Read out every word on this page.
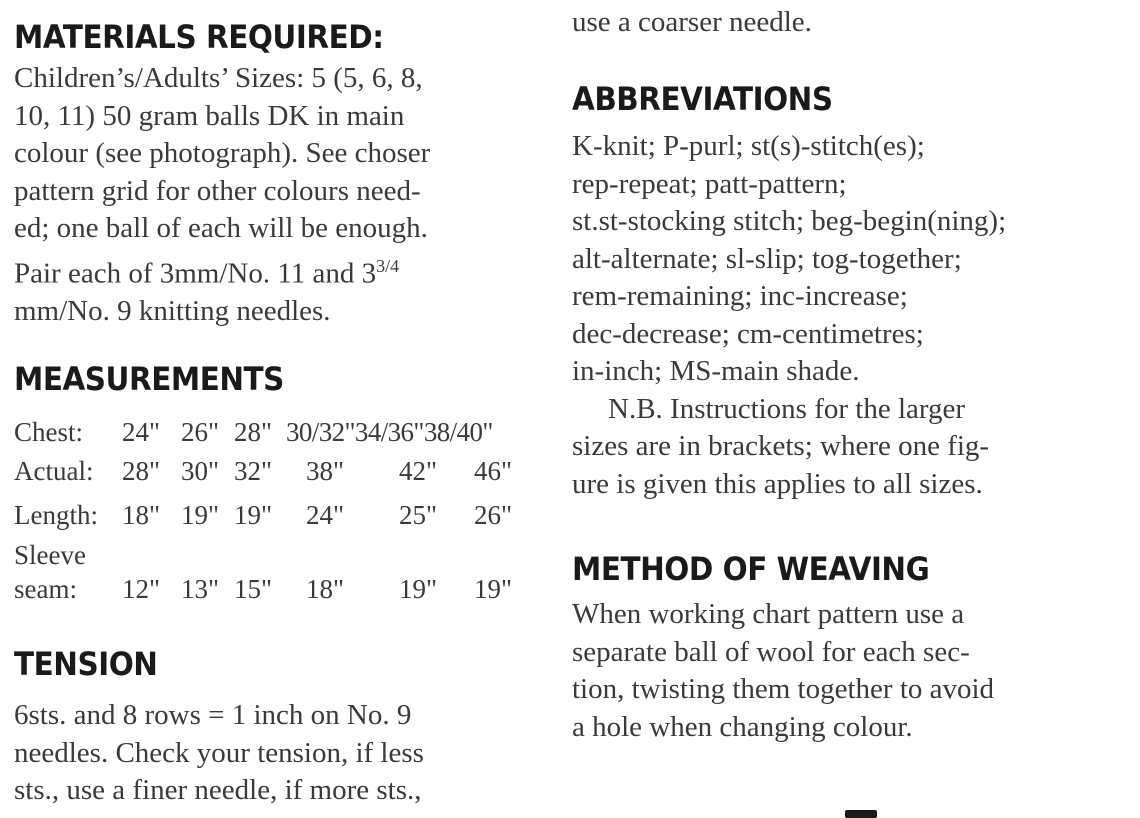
MATERIALS REQUIRED:
Children’s/Adults’ Sizes: 5 (5, 6, 8,
10, 11) 50 gram balls DK in main
colour (see photograph). See choser
pattern grid for other colours need-
ed; one ball of each will be enough.
Pair each of 3mm/No. 11 and $3^{3/4}$
mm/No. 9 knitting needles.
MEASUREMENTS
Chest: 24" 26" 28" 30/32"34/36"38/40"
Actual: 28" 30" 32" 38" 42" 46"
Length: 18" 19" 19" 24" 25" 26"
Sleeve
seam: 12" 13" 15" 18" 19" 19"
TENSION
6sts. and 8 rows = 1 inch on No. 9
needles. Check your tension, if less
sts., use a finer needle, if more sts.,
use a coarser needle.
ABBREVIATIONS
K-knit; P-purl; st(s)-stitch(es);
rep-repeat; patt-pattern;
st.st-stocking stitch; beg-begin(ning);
alt-alternate; sl-slip; tog-together;
rem-remaining; inc-increase;
dec-decrease; cm-centimetres;
in-inch; MS-main shade.
N.B. Instructions for the larger
sizes are in brackets; where one fig-
ure is given this applies to all sizes.
METHOD OF WEAVING
When working chart pattern use a
separate ball of wool for each sec-
tion, twisting them together to avoid
a hole when changing colour.
